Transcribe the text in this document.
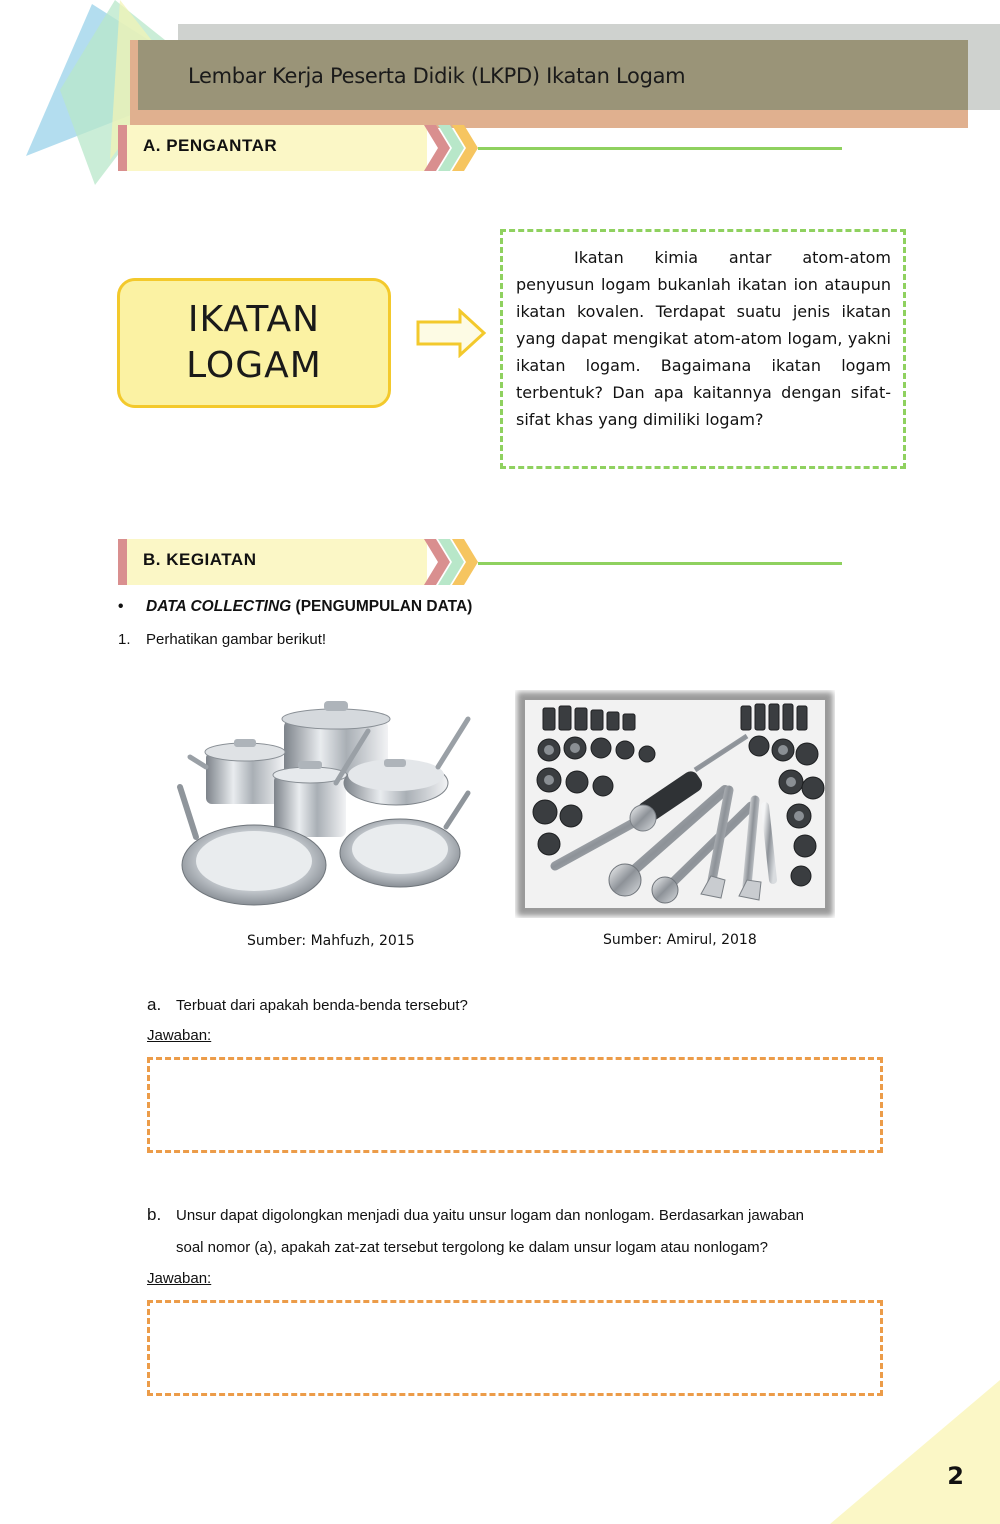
Lembar Kerja Peserta Didik (LKPD) Ikatan Logam
A. PENGANTAR
IKATAN
LOGAM
Ikatan kimia antar atom-atom penyusun logam bukanlah ikatan ion ataupun ikatan kovalen. Terdapat suatu jenis ikatan yang dapat mengikat atom-atom logam, yakni ikatan logam. Bagaimana ikatan logam terbentuk? Dan apa kaitannya dengan sifat-sifat khas yang dimiliki logam?
B. KEGIATAN
• DATA COLLECTING (PENGUMPULAN DATA)
1. Perhatikan gambar berikut!
Sumber: Mahfuzh, 2015	Sumber: Amirul, 2018
a. Terbuat dari apakah benda-benda tersebut?
Jawaban:
b. Unsur dapat digolongkan menjadi dua yaitu unsur logam dan nonlogam. Berdasarkan jawaban
soal nomor (a), apakah zat-zat tersebut tergolong ke dalam unsur logam atau nonlogam?
Jawaban:
2
